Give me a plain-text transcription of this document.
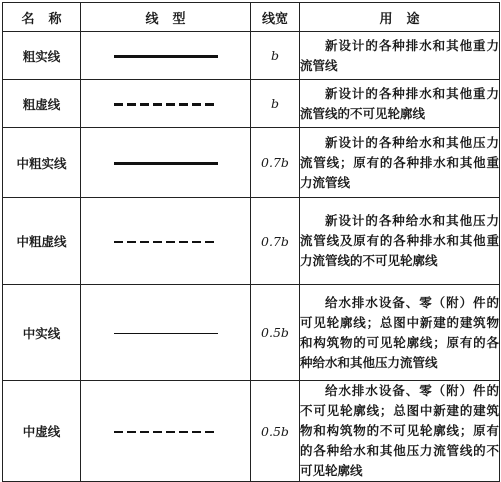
名称	线型	线宽	用途
粗实线		b	新设计的各种排水和其他重力流管线
粗虚线		b	新设计的各种排水和其他重力流管线的不可见轮廓线
中粗实线		0.7b	新设计的各种给水和其他压力流管线；原有的各种排水和其他重力流管线
中粗虚线		0.7b	新设计的各种给水和其他压力流管线及原有的各种排水和其他重力流管线的不可见轮廓线
中实线		0.5b	给水排水设备、零（附）件的可见轮廓线；总图中新建的建筑物和构筑物的可见轮廓线；原有的各种给水和其他压力流管线
中虚线		0.5b	给水排水设备、零（附）件的不可见轮廓线；总图中新建的建筑物和构筑物的不可见轮廓线；原有的各种给水和其他压力流管线的不可见轮廓线
